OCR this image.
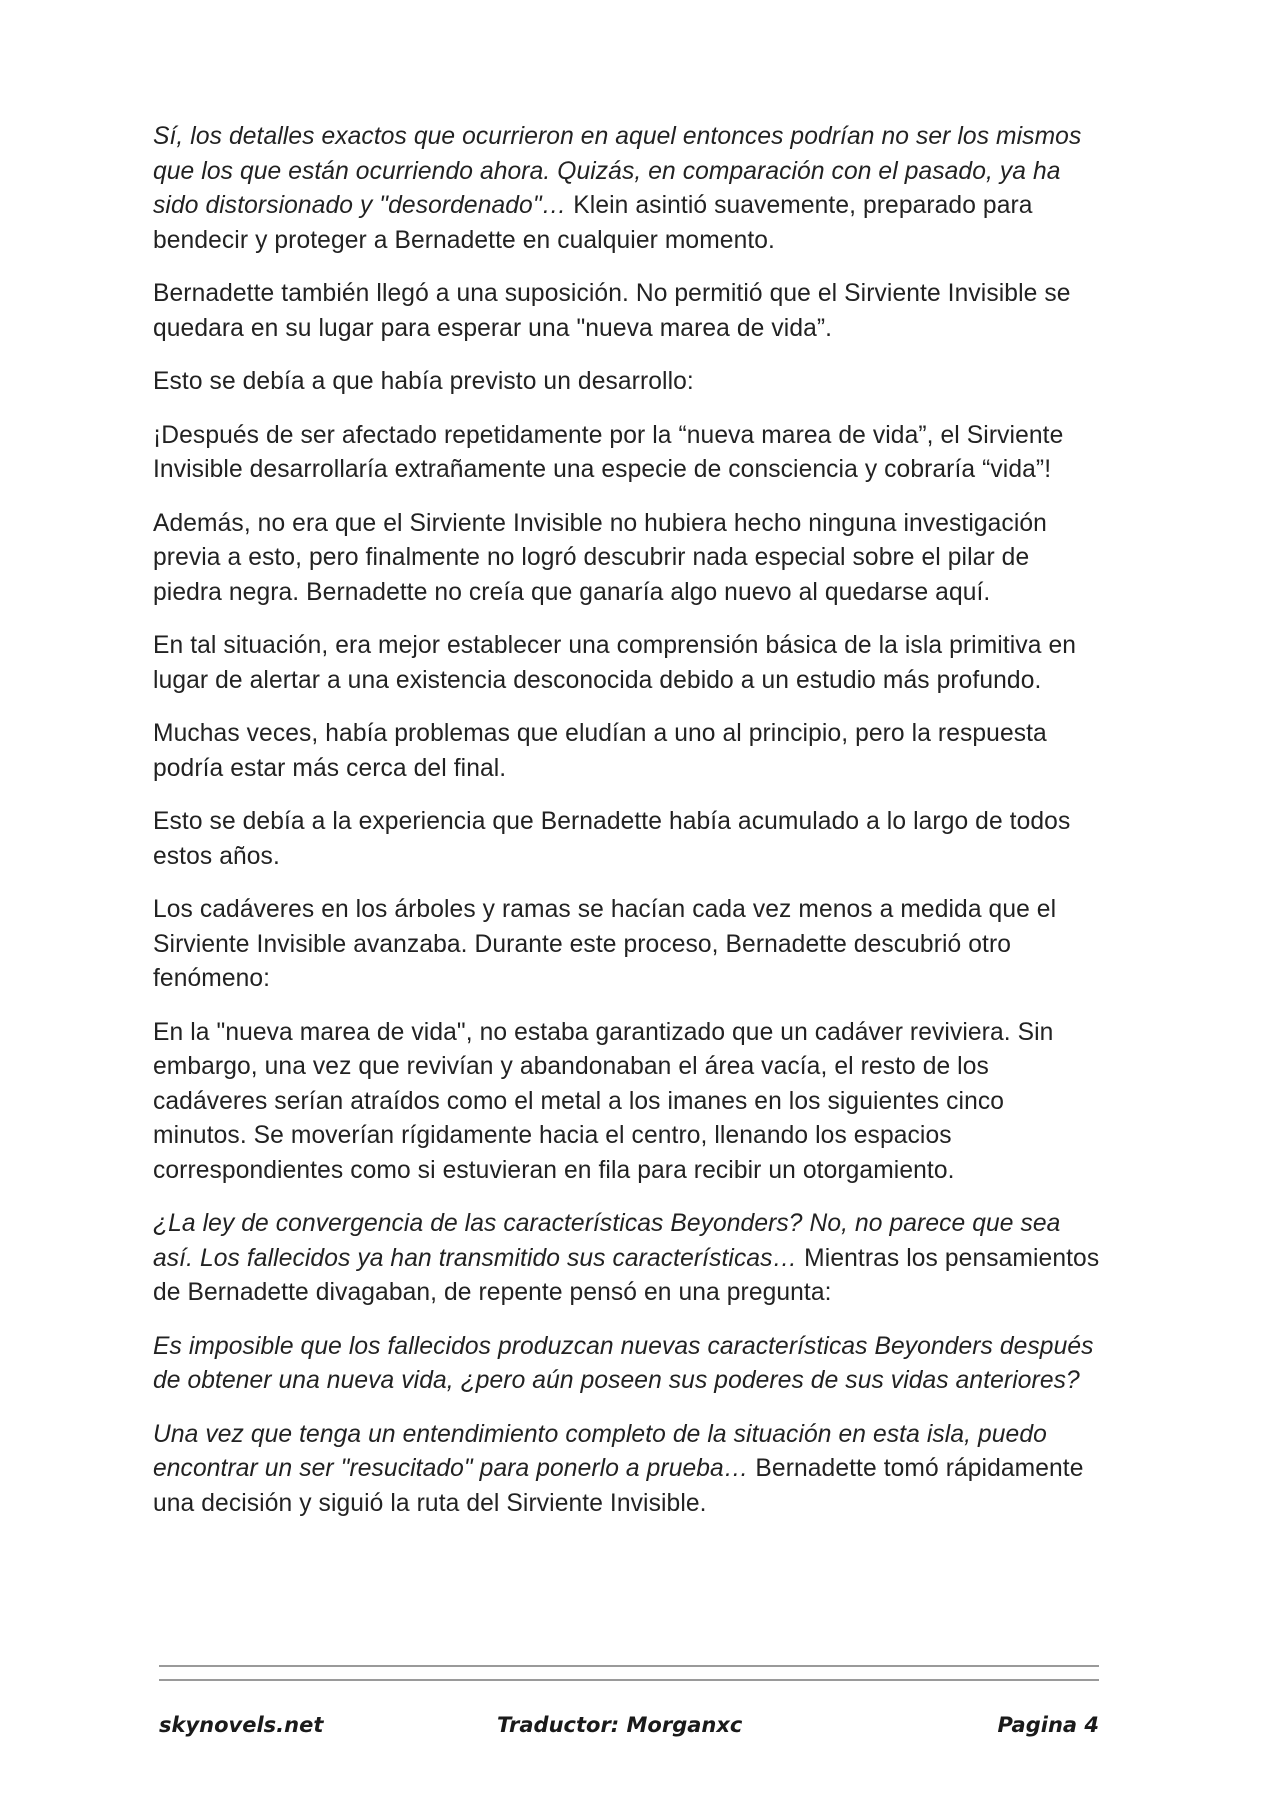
Sí, los detalles exactos que ocurrieron en aquel entonces podrían no ser los mismos que los que están ocurriendo ahora. Quizás, en comparación con el pasado, ya ha sido distorsionado y "desordenado"… Klein asintió suavemente, preparado para bendecir y proteger a Bernadette en cualquier momento.

Bernadette también llegó a una suposición. No permitió que el Sirviente Invisible se quedara en su lugar para esperar una "nueva marea de vida”.

Esto se debía a que había previsto un desarrollo:

¡Después de ser afectado repetidamente por la “nueva marea de vida”, el Sirviente Invisible desarrollaría extrañamente una especie de consciencia y cobraría “vida”!

Además, no era que el Sirviente Invisible no hubiera hecho ninguna investigación previa a esto, pero finalmente no logró descubrir nada especial sobre el pilar de piedra negra. Bernadette no creía que ganaría algo nuevo al quedarse aquí.

En tal situación, era mejor establecer una comprensión básica de la isla primitiva en lugar de alertar a una existencia desconocida debido a un estudio más profundo.

Muchas veces, había problemas que eludían a uno al principio, pero la respuesta podría estar más cerca del final.

Esto se debía a la experiencia que Bernadette había acumulado a lo largo de todos estos años.

Los cadáveres en los árboles y ramas se hacían cada vez menos a medida que el Sirviente Invisible avanzaba. Durante este proceso, Bernadette descubrió otro fenómeno:

En la "nueva marea de vida", no estaba garantizado que un cadáver reviviera. Sin embargo, una vez que revivían y abandonaban el área vacía, el resto de los cadáveres serían atraídos como el metal a los imanes en los siguientes cinco minutos. Se moverían rígidamente hacia el centro, llenando los espacios correspondientes como si estuvieran en fila para recibir un otorgamiento.

¿La ley de convergencia de las características Beyonders? No, no parece que sea así. Los fallecidos ya han transmitido sus características… Mientras los pensamientos de Bernadette divagaban, de repente pensó en una pregunta:

Es imposible que los fallecidos produzcan nuevas características Beyonders después de obtener una nueva vida, ¿pero aún poseen sus poderes de sus vidas anteriores?

Una vez que tenga un entendimiento completo de la situación en esta isla, puedo encontrar un ser "resucitado" para ponerlo a prueba… Bernadette tomó rápidamente una decisión y siguió la ruta del Sirviente Invisible.

skynovels.net	Traductor: Morganxc	Pagina 4
